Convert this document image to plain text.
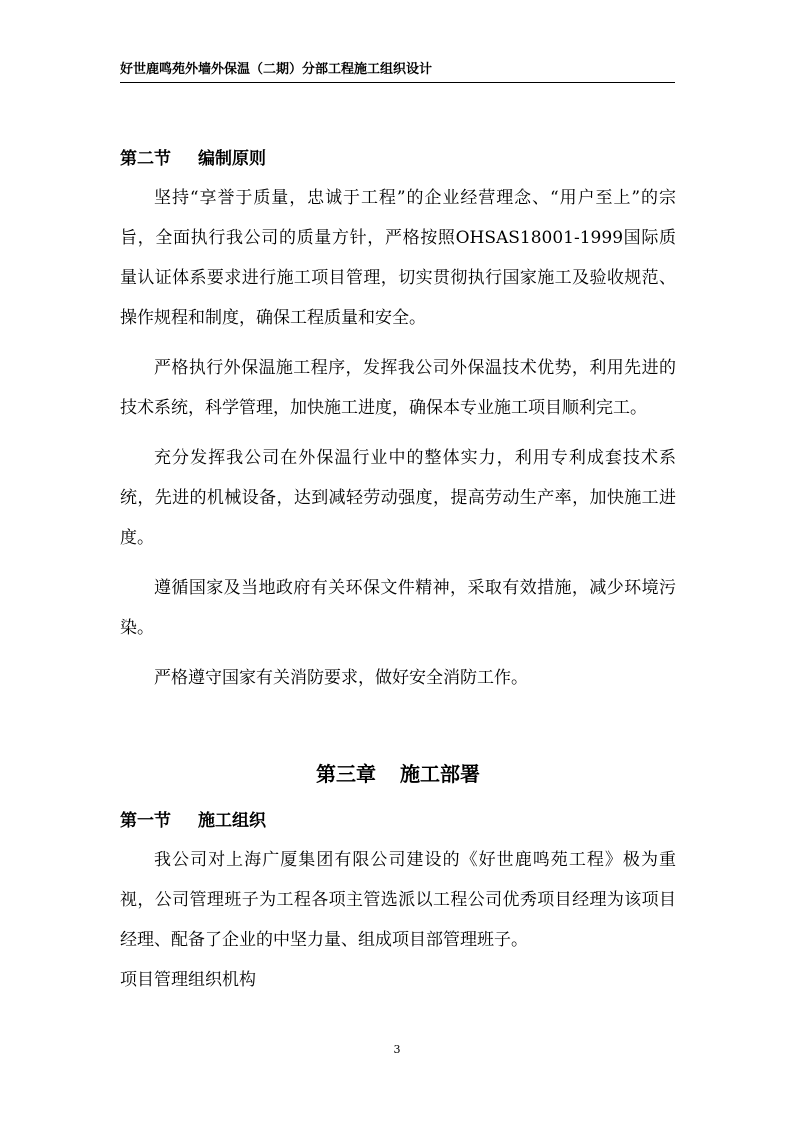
好世鹿鸣苑外墙外保温（二期）分部工程施工组织设计
第二节 编制原则

坚持“享誉于质量，忠诚于工程”的企业经营理念、“用户至上”的宗旨，全面执行我公司的质量方针，严格按照OHSAS18001-1999国际质量认证体系要求进行施工项目管理，切实贯彻执行国家施工及验收规范、操作规程和制度，确保工程质量和安全。

严格执行外保温施工程序，发挥我公司外保温技术优势，利用先进的技术系统，科学管理，加快施工进度，确保本专业施工项目顺利完工。

充分发挥我公司在外保温行业中的整体实力，利用专利成套技术系统，先进的机械设备，达到减轻劳动强度，提高劳动生产率，加快施工进度。

遵循国家及当地政府有关环保文件精神，采取有效措施，减少环境污染。

严格遵守国家有关消防要求，做好安全消防工作。

第三章 施工部署
第一节 施工组织

我公司对上海广厦集团有限公司建设的《好世鹿鸣苑工程》极为重视，公司管理班子为工程各项主管选派以工程公司优秀项目经理为该项目经理、配备了企业的中坚力量、组成项目部管理班子。

项目管理组织机构

3
